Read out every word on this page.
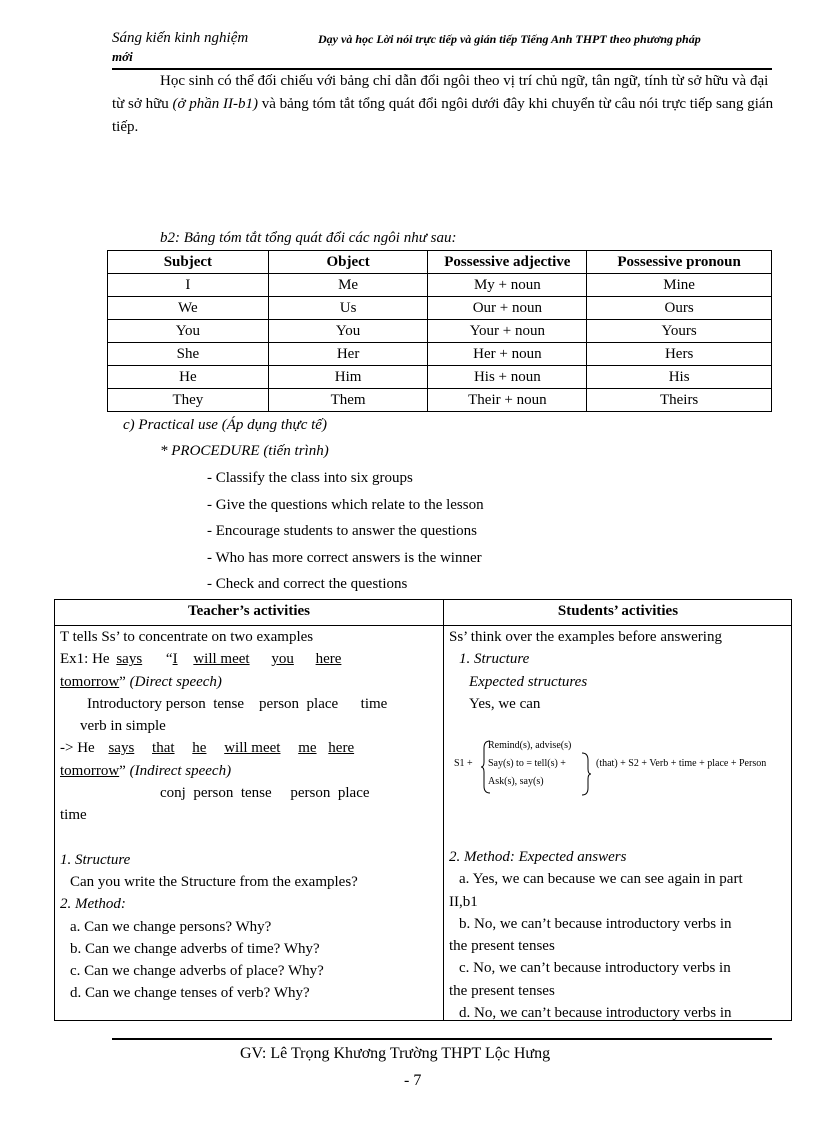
Sáng kiến kinh nghiệm
mới
Dạy và học Lời nói trực tiếp và gián tiếp Tiếng Anh THPT theo phương pháp
Học sinh có thể đối chiếu với bảng chỉ dẫn đổi ngôi theo vị trí chủ ngữ, tân ngữ, tính từ sở hữu và đại từ sở hữu (ở phần II-b1) và bảng tóm tắt tổng quát đổi ngôi dưới đây khi chuyển từ câu nói trực tiếp sang gián tiếp.
b2: Bảng tóm tắt tổng quát đổi các ngôi như sau:
Subject	Object	Possessive adjective	Possessive pronoun
I	Me	My + noun	Mine
We	Us	Our + noun	Ours
You	You	Your + noun	Yours
She	Her	Her + noun	Hers
He	Him	His + noun	His
They	Them	Their + noun	Theirs
c) Practical use (Áp dụng thực tế)
* PROCEDURE (tiến trình)
- Classify the class into six groups
- Give the questions which relate to the lesson
- Encourage students to answer the questions
- Who has more correct answers is the winner
- Check and correct the questions
Teacher’s activities	Students’ activities
T tells Ss’ to concentrate on two examples
Ex1: He says “I will meet you here
tomorrow” (Direct speech)
Introductory person  tense    person  place      time
verb in simple
-> He says that he will meet me here
tomorrow” (Indirect speech)
conj  person  tense     person  place
time
1. Structure
Can you write the Structure from the examples?
2. Method:
a. Can we change persons? Why?
b. Can we change adverbs of time? Why?
c. Can we change adverbs of place? Why?
d. Can we change tenses of verb? Why?
Ss’ think over the examples before answering
1. Structure
Expected structures
Yes, we can
S1 +
Remind(s), advise(s)
Say(s) to = tell(s) +
Ask(s), say(s)
(that) + S2 + Verb + time + place + Person
2. Method: Expected answers
a. Yes, we can because we can see again in part
II,b1
b. No, we can’t because introductory verbs in
the present tenses
c. No, we can’t because introductory verbs in
the present tenses
d. No, we can’t because introductory verbs in
GV: Lê Trọng Khương Trường THPT Lộc Hưng
- 7
